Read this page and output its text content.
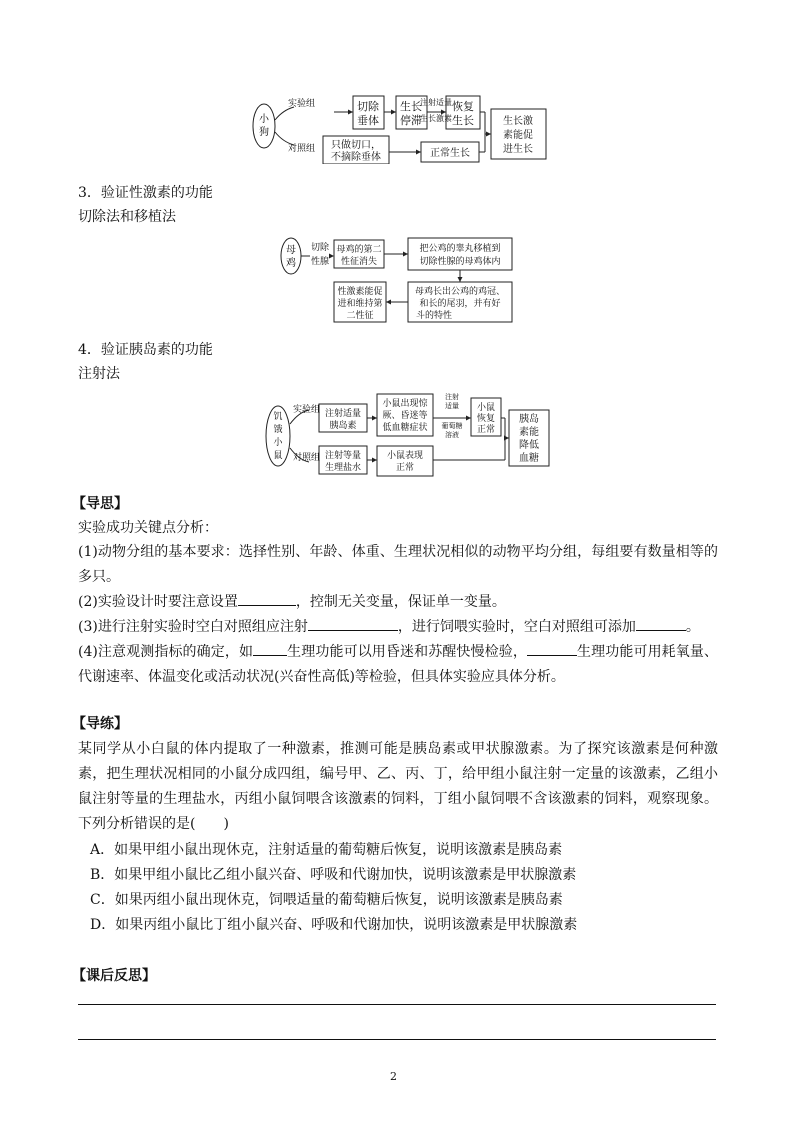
小
狗
实验组
对照组
切除
垂体
生长
停滞
注射适量
生长激素
恢复
生长
只做切口，
不摘除垂体	正常生长
生长激
素能促
进生长
3．验证性激素的功能
切除法和移植法
母
鸡
切除
性腺
母鸡的第二
性征消失
把公鸡的睾丸移植到
切除性腺的母鸡体内
母鸡长出公鸡的鸡冠、
和长的尾羽，并有好
斗的特性
性激素能促
进和维持第
二性征
4．验证胰岛素的功能
注射法
饥
饿
小
鼠
实验组
对照组
注射适量
胰岛素
小鼠出现惊
厥、昏迷等
低血糖症状
注射
适量
葡萄糖
溶液
小鼠
恢复
正常
注射等量
生理盐水
小鼠表现
正常
胰岛
素能
降低
血糖
【导思】
实验成功关键点分析：
(1)动物分组的基本要求：选择性别、年龄、体重、生理状况相似的动物平均分组，每组要有数量相等的多只。
(2)实验设计时要注意设置	，控制无关变量，保证单一变量。
(3)进行注射实验时空白对照组应注射	，进行饲喂实验时，空白对照组可添加	。
(4)注意观测指标的确定，如 生理功能可以用昏迷和苏醒快慢检验，	生理功能可用耗氧量、代谢速率、体温变化或活动状况(兴奋性高低)等检验，但具体实验应具体分析。
【导练】
某同学从小白鼠的体内提取了一种激素，推测可能是胰岛素或甲状腺激素。为了探究该激素是何种激素，把生理状况相同的小鼠分成四组，编号甲、乙、丙、丁，给甲组小鼠注射一定量的该激素，乙组小鼠注射等量的生理盐水，丙组小鼠饲喂含该激素的饲料，丁组小鼠饲喂不含该激素的饲料，观察现象。下列分析错误的是(　　)
A．如果甲组小鼠出现休克，注射适量的葡萄糖后恢复，说明该激素是胰岛素
B．如果甲组小鼠比乙组小鼠兴奋、呼吸和代谢加快，说明该激素是甲状腺激素
C．如果丙组小鼠出现休克，饲喂适量的葡萄糖后恢复，说明该激素是胰岛素
D．如果丙组小鼠比丁组小鼠兴奋、呼吸和代谢加快，说明该激素是甲状腺激素
【课后反思】
2
